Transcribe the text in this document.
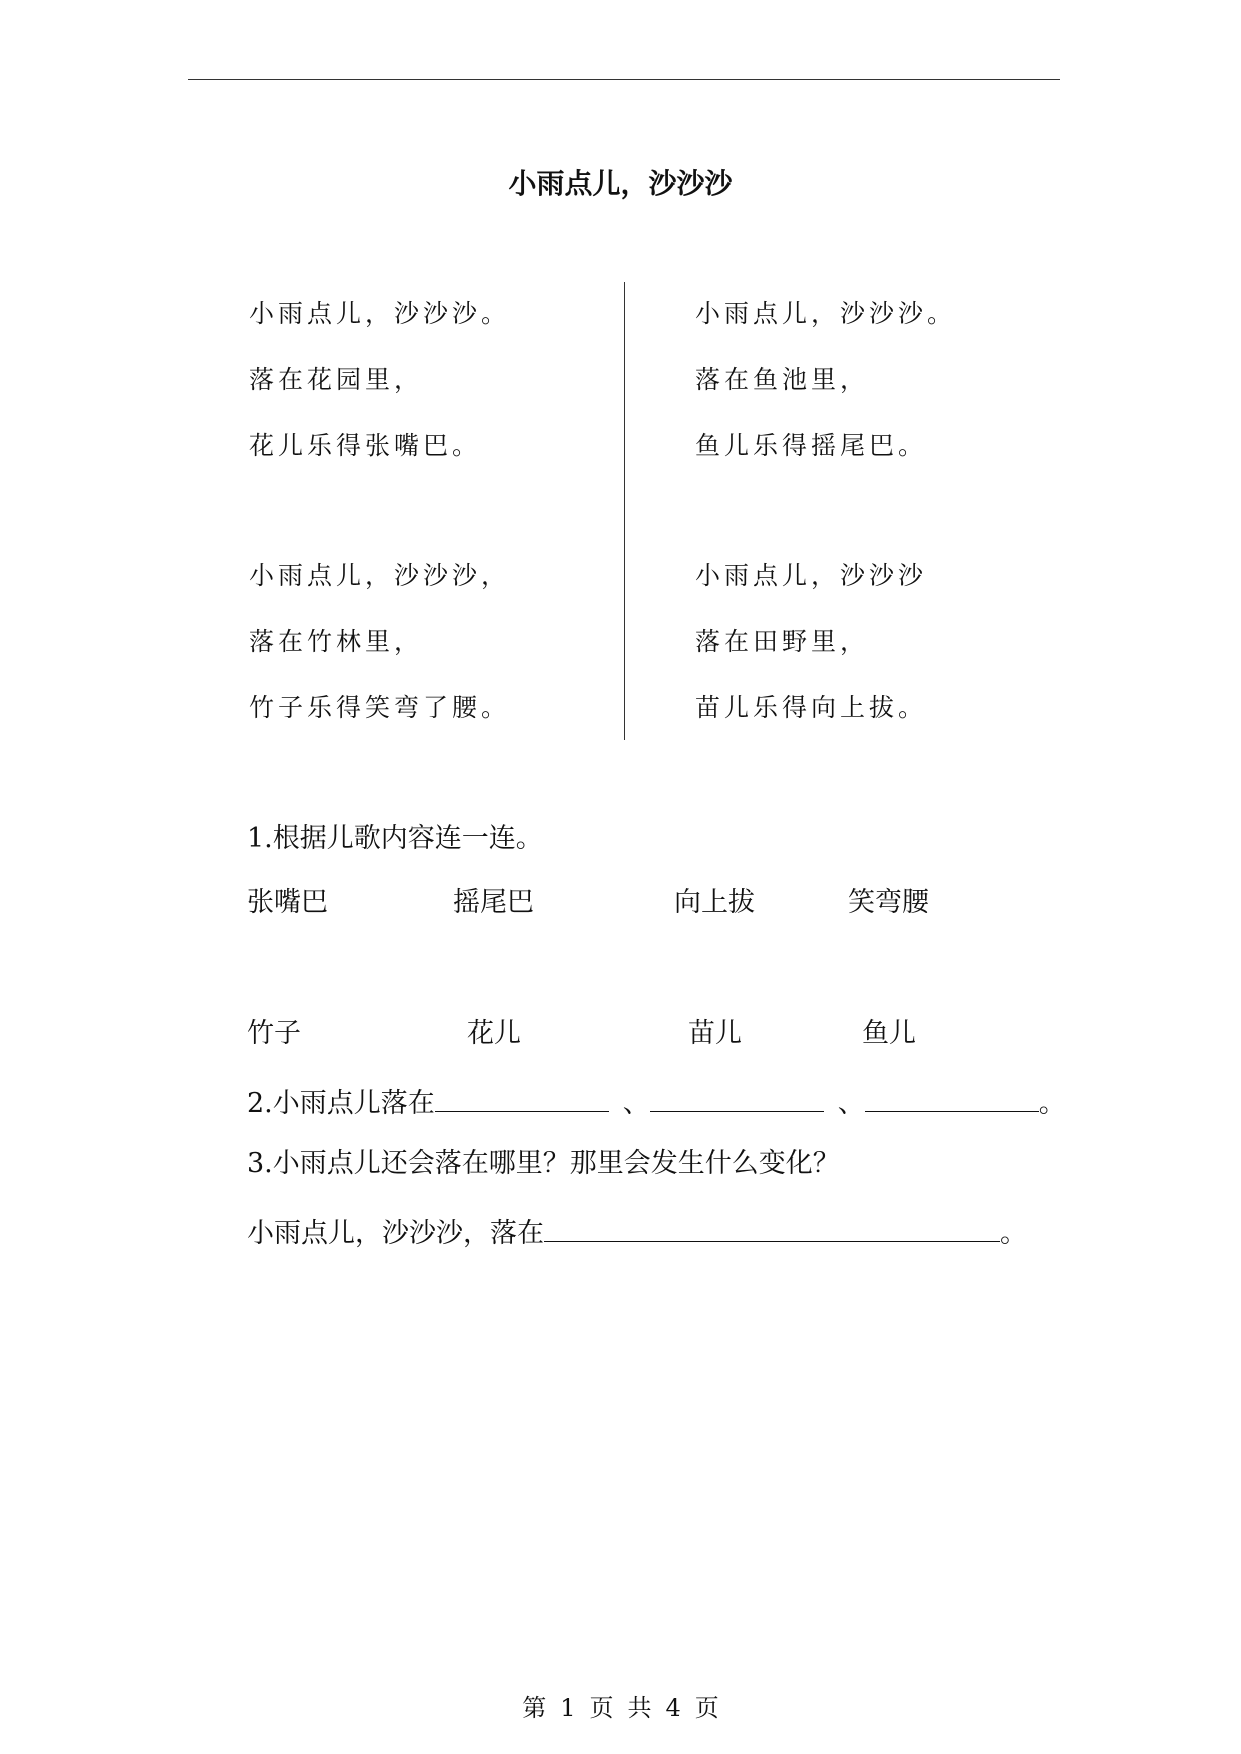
小雨点儿，沙沙沙
小雨点儿，沙沙沙。
落在花园里，
花儿乐得张嘴巴。
小雨点儿，沙沙沙，
落在竹林里，
竹子乐得笑弯了腰。
小雨点儿，沙沙沙。
落在鱼池里，
鱼儿乐得摇尾巴。
小雨点儿，沙沙沙
落在田野里，
苗儿乐得向上拔。
1.根据儿歌内容连一连。
张嘴巴	摇尾巴	向上拔	笑弯腰
竹子	花儿	苗儿	鱼儿
2.小雨点儿落在	、	、	。
3.小雨点儿还会落在哪里？那里会发生什么变化？
小雨点儿，沙沙沙，落在	。
第 1 页 共 4 页
